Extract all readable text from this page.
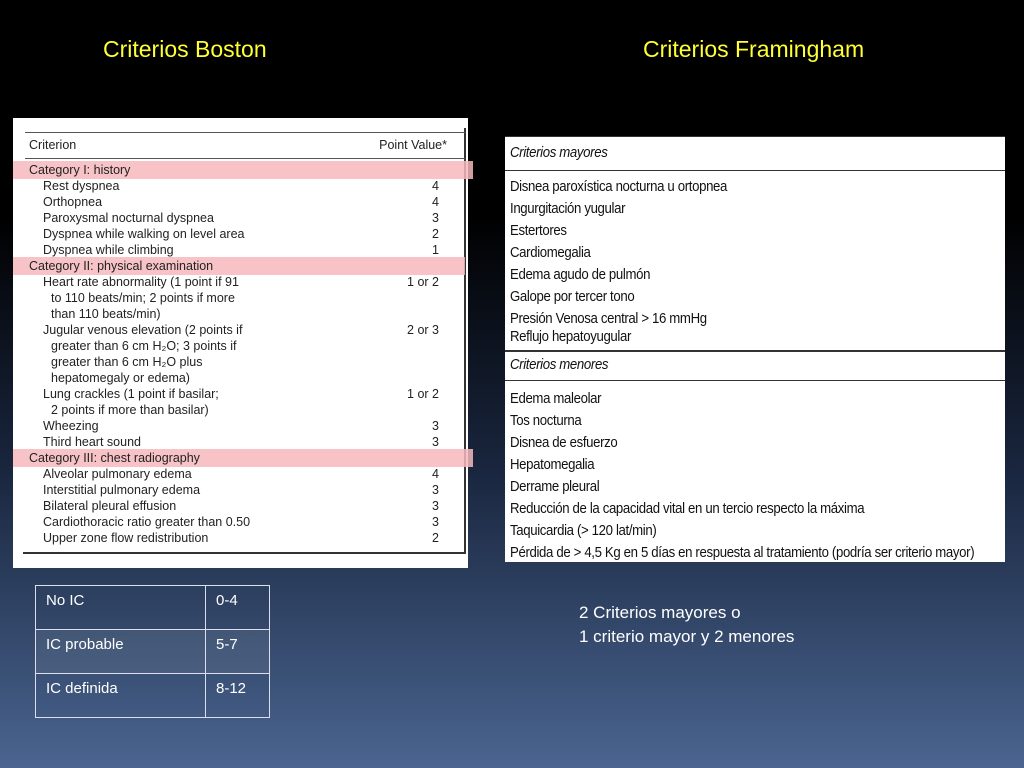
Criterios Boston	Criterios Framingham
Criterion	Point Value*
Category I: history
Rest dyspnea	4
Orthopnea	4
Paroxysmal nocturnal dyspnea	3
Dyspnea while walking on level area	2
Dyspnea while climbing	1
Category II: physical examination
Heart rate abnormality (1 point if 91	1 or 2
to 110 beats/min; 2 points if more
than 110 beats/min)
Jugular venous elevation (2 points if	2 or 3
greater than 6 cm H₂O; 3 points if
greater than 6 cm H₂O plus
hepatomegaly or edema)
Lung crackles (1 point if basilar;	1 or 2
2 points if more than basilar)
Wheezing	3
Third heart sound	3
Category III: chest radiography
Alveolar pulmonary edema	4
Interstitial pulmonary edema	3
Bilateral pleural effusion	3
Cardiothoracic ratio greater than 0.50	3
Upper zone flow redistribution	2
Criterios mayores
Disnea paroxística nocturna u ortopnea
Ingurgitación yugular
Estertores
Cardiomegalia
Edema agudo de pulmón
Galope por tercer tono
Presión Venosa central > 16 mmHg
Reflujo hepatoyugular
Criterios menores
Edema maleolar
Tos nocturna
Disnea de esfuerzo
Hepatomegalia
Derrame pleural
Reducción de la capacidad vital en un tercio respecto la máxima
Taquicardia (> 120 lat/min)
Pérdida de > 4,5 Kg en 5 días en respuesta al tratamiento (podría ser criterio mayor)
No IC	0-4
IC probable	5-7
IC definida	8-12
2 Criterios mayores o
1 criterio mayor y 2 menores
